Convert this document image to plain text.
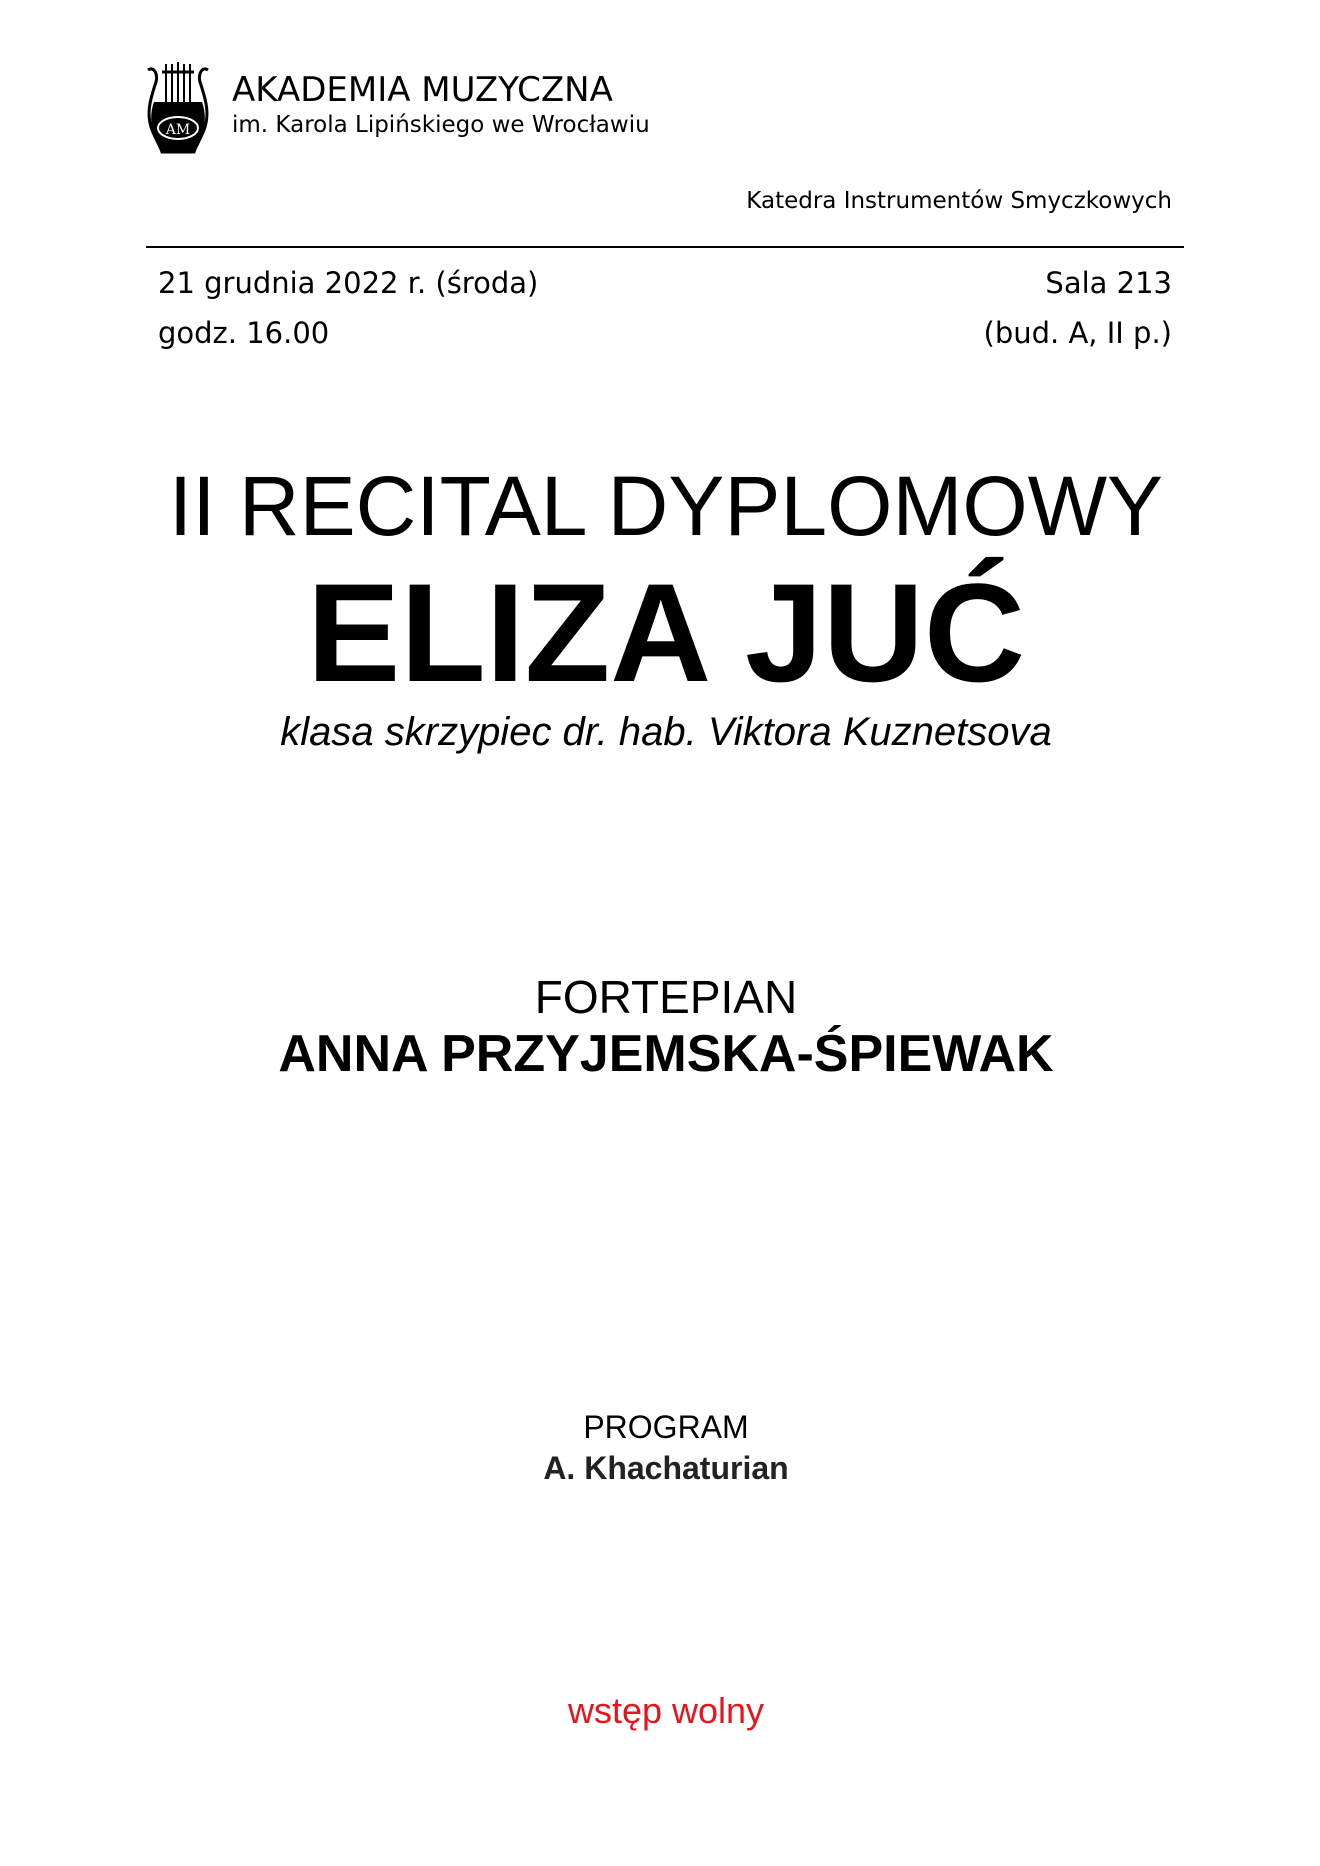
AM
AKADEMIA MUZYCZNA
im. Karola Lipińskiego we Wrocławiu
Katedra Instrumentów Smyczkowych
21 grudnia 2022 r. (środa)
godz. 16.00
Sala 213
(bud. A, II p.)
II RECITAL DYPLOMOWY
ELIZA JUĆ
klasa skrzypiec dr. hab. Viktora Kuznetsova
FORTEPIAN
ANNA PRZYJEMSKA-ŚPIEWAK
PROGRAM
A. Khachaturian
wstęp wolny
